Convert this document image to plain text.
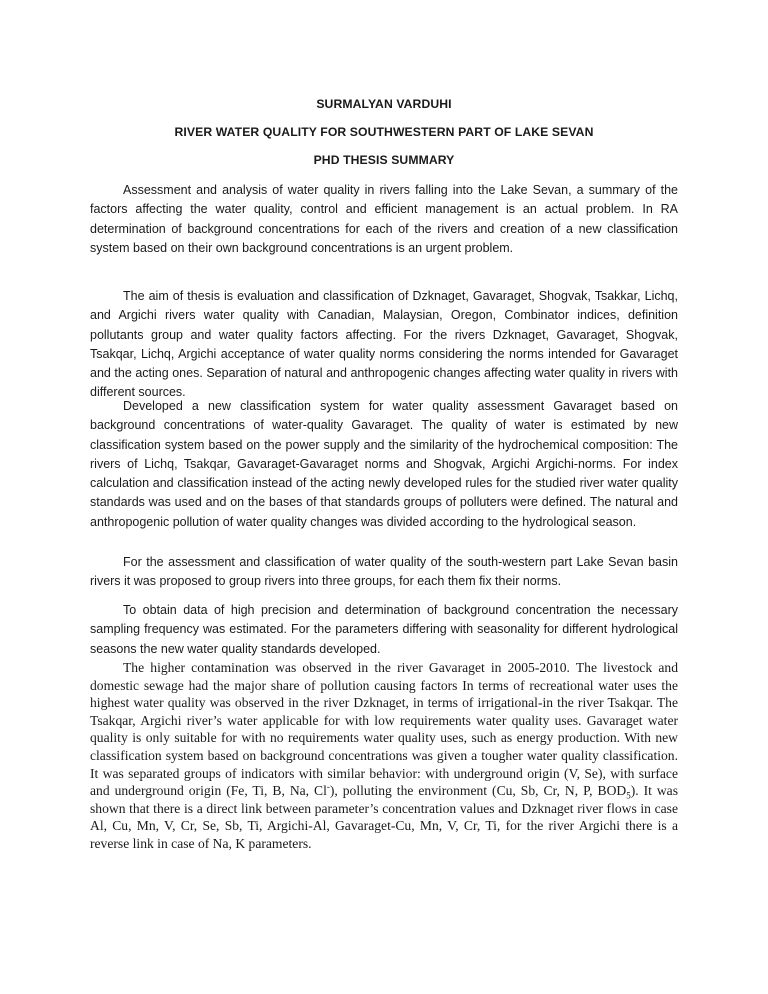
SURMALYAN VARDUHI
RIVER WATER QUALITY FOR SOUTHWESTERN PART OF LAKE SEVAN
PHD THESIS SUMMARY

Assessment and analysis of water quality in rivers falling into the Lake Sevan, a summary of the factors affecting the water quality, control and efficient management is an actual problem. In RA determination of background concentrations for each of the rivers and creation of a new classification system based on their own background concentrations is an urgent problem.

The aim of thesis is evaluation and classification of Dzknaget, Gavaraget, Shogvak, Tsakkar, Lichq, and Argichi rivers water quality with Canadian, Malaysian, Oregon, Combinator indices, definition pollutants group and water quality factors affecting. For the rivers Dzknaget, Gavaraget, Shogvak, Tsakqar, Lichq, Argichi acceptance of water quality norms considering the norms intended for Gavaraget and the acting ones. Separation of natural and anthropogenic changes affecting water quality in rivers with different sources.

Developed a new classification system for water quality assessment Gavaraget based on background concentrations of water-quality Gavaraget. The quality of water is estimated by new classification system based on the power supply and the similarity of the hydrochemical composition: The rivers of Lichq, Tsakqar, Gavaraget-Gavaraget norms and Shogvak, Argichi Argichi-norms. For index calculation and classification instead of the acting newly developed rules for the studied river water quality standards was used and on the bases of that standards groups of polluters were defined. The natural and anthropogenic pollution of water quality changes was divided according to the hydrological season.

For the assessment and classification of water quality of the south-western part Lake Sevan basin rivers it was proposed to group rivers into three groups, for each them fix their norms.

To obtain data of high precision and determination of background concentration the necessary sampling frequency was estimated. For the parameters differing with seasonality for different hydrological seasons the new water quality standards developed.

The higher contamination was observed in the river Gavaraget in 2005-2010. The livestock and domestic sewage had the major share of pollution causing factors In terms of recreational water uses the highest water quality was observed in the river Dzknaget, in terms of irrigational-in the river Tsakqar. The Tsakqar, Argichi river’s water applicable for with low requirements water quality uses. Gavaraget water quality is only suitable for with no requirements water quality uses, such as energy production. With new classification system based on background concentrations was given a tougher water quality classification. It was separated groups of indicators with similar behavior: with underground origin (V, Se), with surface and underground origin (Fe, Ti, B, Na, Cl-), polluting the environment (Cu, Sb, Cr, N, P, $BOD_5$). It was shown that there is a direct link between parameter’s concentration values and Dzknaget river flows in case Al, Cu, Mn, V, Cr, Se, Sb, Ti, Argichi-Al, Gavaraget-Cu, Mn, V, Cr, Ti, for the river Argichi there is a reverse link in case of Na, K parameters.
